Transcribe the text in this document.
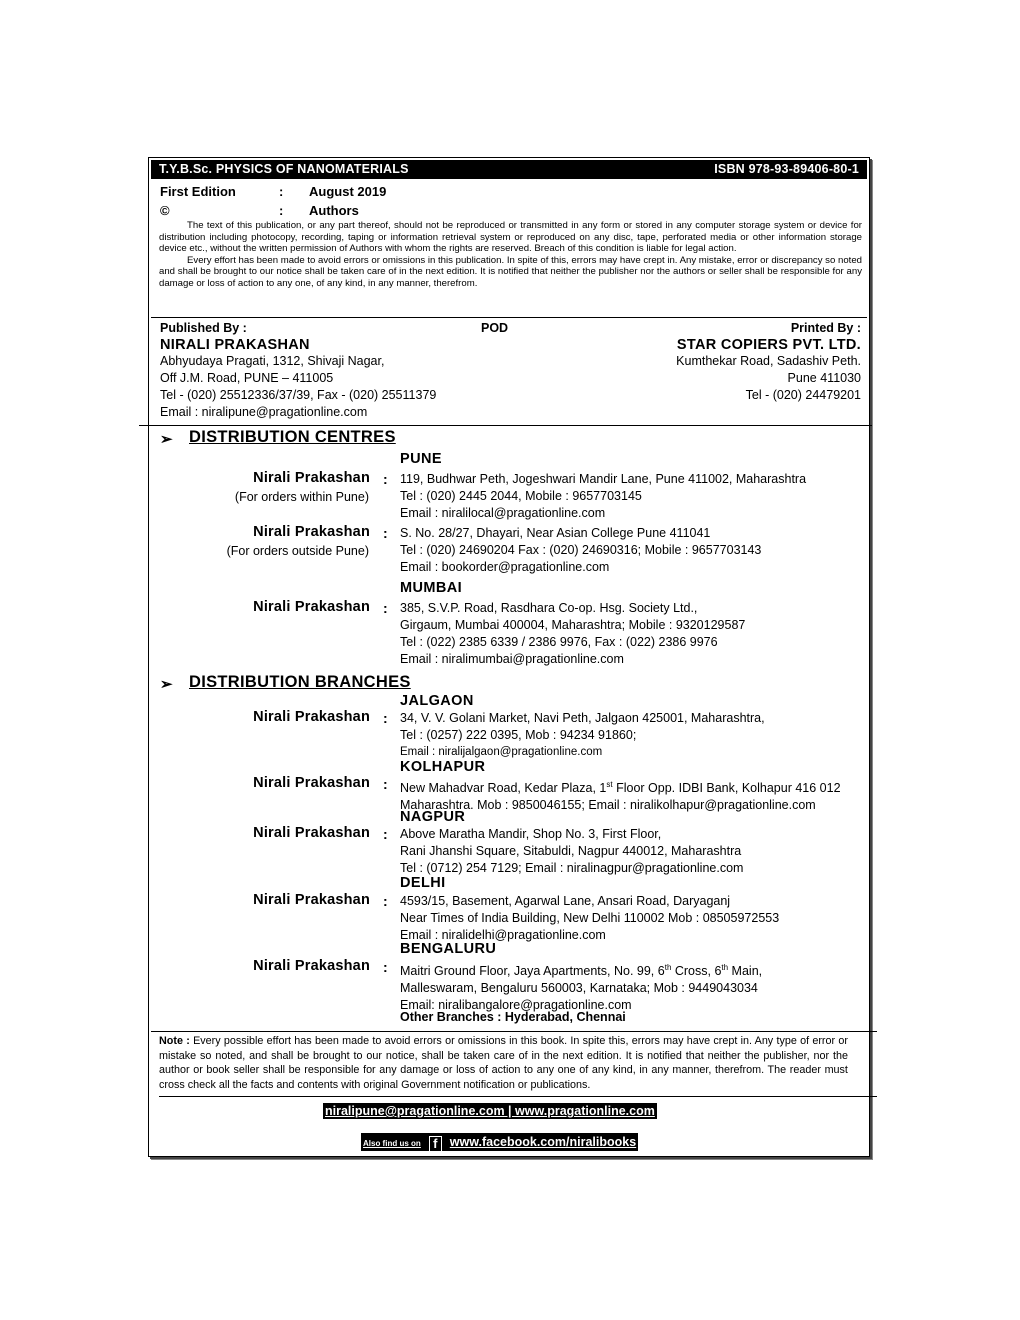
T.Y.B.Sc. PHYSICS OF NANOMATERIALS	ISBN 978-93-89406-80-1
First Edition	: August 2019
©	: Authors

The text of this publication, or any part thereof, should not be reproduced or transmitted in any form or stored in any computer storage system or device for distribution including photocopy, recording, taping or information retrieval system or reproduced on any disc, tape, perforated media or other information storage device etc., without the written permission of Authors with whom the rights are reserved. Breach of this condition is liable for legal action.

Every effort has been made to avoid errors or omissions in this publication. In spite of this, errors may have crept in. Any mistake, error or discrepancy so noted and shall be brought to our notice shall be taken care of in the next edition. It is notified that neither the publisher nor the authors or seller shall be responsible for any damage or loss of action to any one, of any kind, in any manner, therefrom.

Published By :	POD	Printed By :
NIRALI PRAKASHAN
Abhyudaya Pragati, 1312, Shivaji Nagar,
Off J.M. Road, PUNE – 411005
Tel - (020) 25512336/37/39, Fax - (020) 25511379
Email : niralipune@pragationline.com
STAR COPIERS PVT. LTD.
Kumthekar Road, Sadashiv Peth.
Pune 411030
Tel - (020) 24479201
➢ DISTRIBUTION CENTRES
PUNE
Nirali Prakashan
(For orders within Pune)
: 119, Budhwar Peth, Jogeshwari Mandir Lane, Pune 411002, Maharashtra
Tel : (020) 2445 2044, Mobile : 9657703145
Email : niralilocal@pragationline.com
Nirali Prakashan
(For orders outside Pune)
: S. No. 28/27, Dhayari, Near Asian College Pune 411041
Tel : (020) 24690204 Fax : (020) 24690316; Mobile : 9657703143
Email : bookorder@pragationline.com
MUMBAI
Nirali Prakashan : 385, S.V.P. Road, Rasdhara Co-op. Hsg. Society Ltd.,
Girgaum, Mumbai 400004, Maharashtra; Mobile : 9320129587
Tel : (022) 2385 6339 / 2386 9976, Fax : (022) 2386 9976
Email : niralimumbai@pragationline.com
➢ DISTRIBUTION BRANCHES
JALGAON
Nirali Prakashan : 34, V. V. Golani Market, Navi Peth, Jalgaon 425001, Maharashtra,
Tel : (0257) 222 0395, Mob : 94234 91860;
Email : niralijalgaon@pragationline.com
KOLHAPUR
Nirali Prakashan : New Mahadvar Road, Kedar Plaza, 1st Floor Opp. IDBI Bank, Kolhapur 416 012
Maharashtra. Mob : 9850046155; Email : niralikolhapur@pragationline.com
NAGPUR
Nirali Prakashan : Above Maratha Mandir, Shop No. 3, First Floor,
Rani Jhanshi Square, Sitabuldi, Nagpur 440012, Maharashtra
Tel : (0712) 254 7129; Email : niralinagpur@pragationline.com
DELHI
Nirali Prakashan : 4593/15, Basement, Agarwal Lane, Ansari Road, Daryaganj
Near Times of India Building, New Delhi 110002 Mob : 08505972553
Email : niralidelhi@pragationline.com
BENGALURU
Nirali Prakashan : Maitri Ground Floor, Jaya Apartments, No. 99, 6th Cross, 6th Main,
Malleswaram, Bengaluru 560003, Karnataka; Mob : 9449043034
Email: niralibangalore@pragationline.com
Other Branches : Hyderabad, Chennai
Note : Every possible effort has been made to avoid errors or omissions in this book. In spite this, errors may have crept in. Any type of error or mistake so noted, and shall be brought to our notice, shall be taken care of in the next edition. It is notified that neither the publisher, nor the author or book seller shall be responsible for any damage or loss of action to any one of any kind, in any manner, therefrom. The reader must cross check all the facts and contents with original Government notification or publications.
niralipune@pragationline.com | www.pragationline.com
Also find us on f www.facebook.com/niralibooks
